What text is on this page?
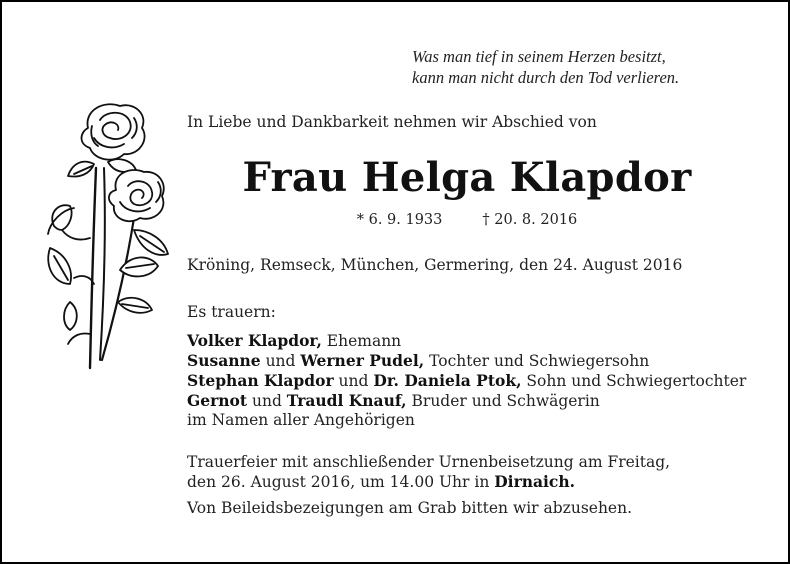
Was man tief in seinem Herzen besitzt,
kann man nicht durch den Tod verlieren.
In Liebe und Dankbarkeit nehmen wir Abschied von
Frau Helga Klapdor
* 6. 9. 1933	† 20. 8. 2016
Kröning, Remseck, München, Germering, den 24. August 2016
Es trauern:
Volker Klapdor, Ehemann
Susanne und Werner Pudel, Tochter und Schwiegersohn
Stephan Klapdor und Dr. Daniela Ptok, Sohn und Schwiegertochter
Gernot und Traudl Knauf, Bruder und Schwägerin
im Namen aller Angehörigen
Trauerfeier mit anschließender Urnenbeisetzung am Freitag,
den 26. August 2016, um 14.00 Uhr in Dirnaich.
Von Beileidsbezeigungen am Grab bitten wir abzusehen.
